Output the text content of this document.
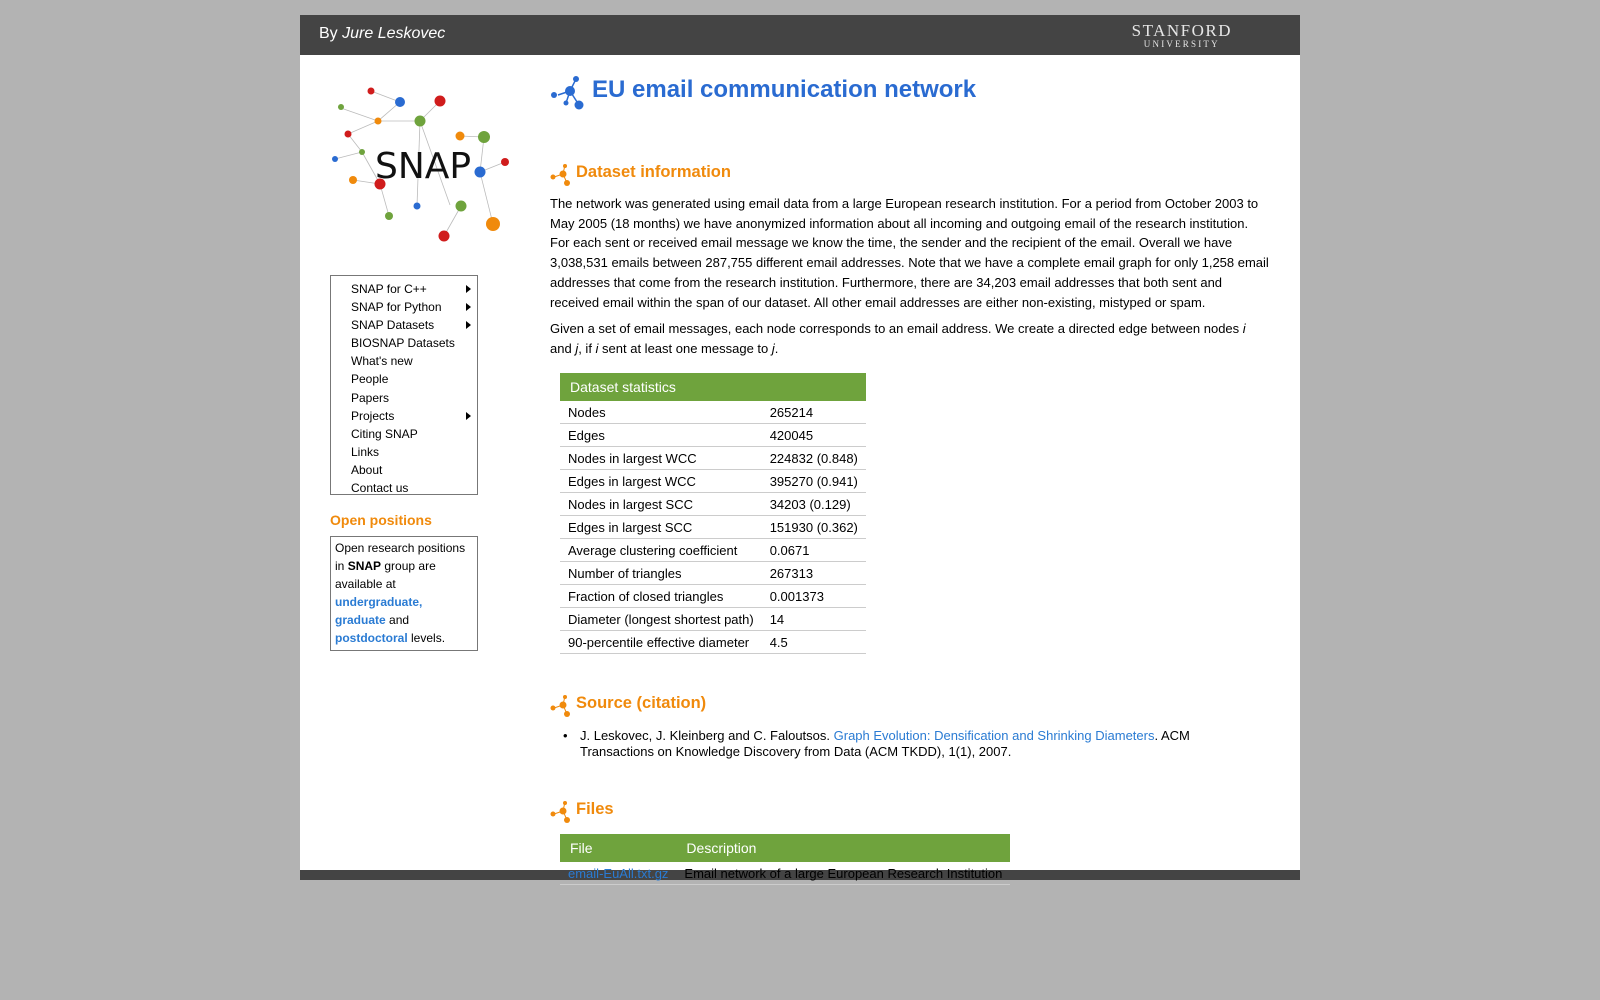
By Jure Leskovec	STANFORD
UNIVERSITY
SNAP
SNAP for C++
SNAP for Python
SNAP Datasets
BIOSNAP Datasets
What's new
People
Papers
Projects
Citing SNAP
Links
About
Contact us
Open positions
Open research positions in SNAP group are available at
undergraduate,
graduate and
postdoctoral levels.
EU email communication network
Dataset information
The network was generated using email data from a large European research institution. For a period from October 2003 to May 2005 (18 months) we have anonymized information about all incoming and outgoing email of the research institution. For each sent or received email message we know the time, the sender and the recipient of the email. Overall we have 3,038,531 emails between 287,755 different email addresses. Note that we have a complete email graph for only 1,258 email addresses that come from the research institution. Furthermore, there are 34,203 email addresses that both sent and received email within the span of our dataset. All other email addresses are either non-existing, mistyped or spam.
Given a set of email messages, each node corresponds to an email address. We create a directed edge between nodes i and j, if i sent at least one message to j.
Dataset statistics	
Nodes	265214
Edges	420045
Nodes in largest WCC	224832 (0.848)
Edges in largest WCC	395270 (0.941)
Nodes in largest SCC	34203 (0.129)
Edges in largest SCC	151930 (0.362)
Average clustering coefficient	0.0671
Number of triangles	267313
Fraction of closed triangles	0.001373
Diameter (longest shortest path)	14
90-percentile effective diameter	4.5
Source (citation)
• J. Leskovec, J. Kleinberg and C. Faloutsos. Graph Evolution: Densification and Shrinking Diameters. ACM Transactions on Knowledge Discovery from Data (ACM TKDD), 1(1), 2007.
Files
File	Description
email-EuAll.txt.gz	Email network of a large European Research Institution
